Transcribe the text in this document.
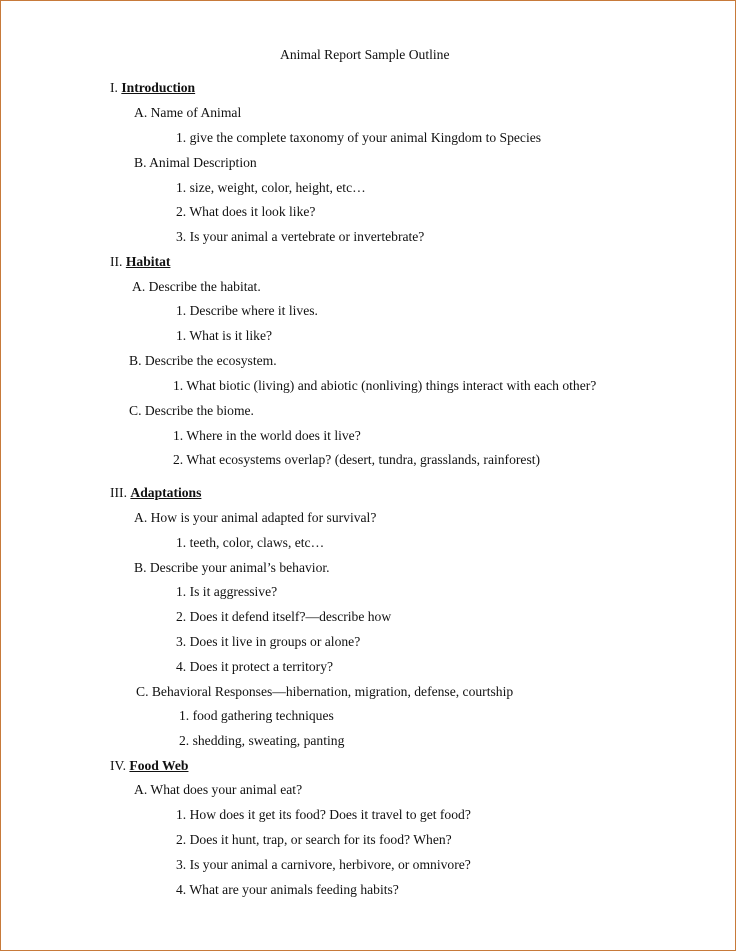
Animal Report Sample Outline
I. Introduction
A. Name of Animal
1. give the complete taxonomy of your animal Kingdom to Species
B. Animal Description
1. size, weight, color, height, etc…
2. What does it look like?
3. Is your animal a vertebrate or invertebrate?
II. Habitat
A. Describe the habitat.
1. Describe where it lives.
1. What is it like?
B. Describe the ecosystem.
1. What biotic (living) and abiotic (nonliving) things interact with each other?
C. Describe the biome.
1. Where in the world does it live?
2. What ecosystems overlap? (desert, tundra, grasslands, rainforest)
III. Adaptations
A. How is your animal adapted for survival?
1. teeth, color, claws, etc…
B. Describe your animal’s behavior.
1. Is it aggressive?
2. Does it defend itself?—describe how
3. Does it live in groups or alone?
4. Does it protect a territory?
C. Behavioral Responses—hibernation, migration, defense, courtship
1. food gathering techniques
2. shedding, sweating, panting
IV. Food Web
A. What does your animal eat?
1. How does it get its food? Does it travel to get food?
2. Does it hunt, trap, or search for its food? When?
3. Is your animal a carnivore, herbivore, or omnivore?
4. What are your animals feeding habits?
